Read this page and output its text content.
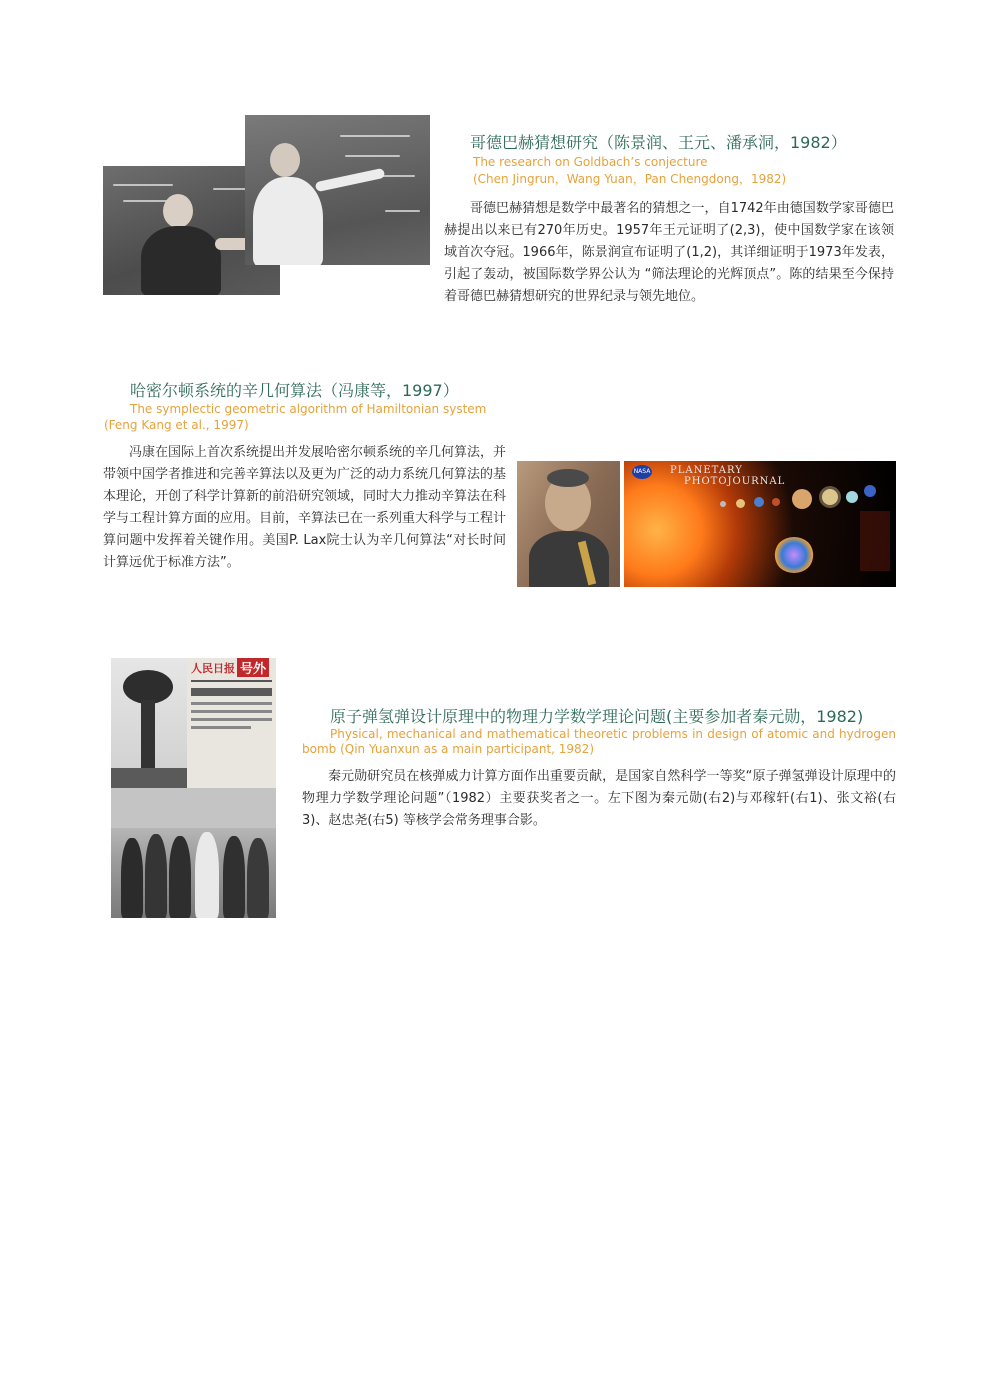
哥德巴赫猜想研究（陈景润、王元、潘承洞，1982）
The research on Goldbach’s conjecture
(Chen Jingrun，Wang Yuan，Pan Chengdong，1982)
哥德巴赫猜想是数学中最著名的猜想之一，自1742年由德国数学家哥德巴赫提出以来已有270年历史。1957年王元证明了(2,3)，使中国数学家在该领域首次夺冠。1966年，陈景润宣布证明了(1,2)，其详细证明于1973年发表，引起了轰动，被国际数学界公认为 “筛法理论的光辉顶点”。陈的结果至今保持着哥德巴赫猜想研究的世界纪录与领先地位。
哈密尔顿系统的辛几何算法（冯康等，1997）
The symplectic geometric algorithm of Hamiltonian system
(Feng Kang et al., 1997)
冯康在国际上首次系统提出并发展哈密尔顿系统的辛几何算法，并带领中国学者推进和完善辛算法以及更为广泛的动力系统几何算法的基本理论，开创了科学计算新的前沿研究领域，同时大力推动辛算法在科学与工程计算方面的应用。目前，辛算法已在一系列重大科学与工程计算问题中发挥着关键作用。美国P. Lax院士认为辛几何算法“对长时间计算远优于标准方法”。
NASA PLANETARY
PHOTOJOURNAL
人民日报 号外
原子弹氢弹设计原理中的物理力学数学理论问题(主要参加者秦元勋，1982)
Physical, mechanical and mathematical theoretic problems in design of atomic and hydrogen bomb (Qin Yuanxun as a main participant, 1982)
秦元勋研究员在核弹威力计算方面作出重要贡献，是国家自然科学一等奖“原子弹氢弹设计原理中的物理力学数学理论问题”（1982）主要获奖者之一。左下图为秦元勋(右2)与邓稼轩(右1)、张文裕(右3)、赵忠尧(右5) 等核学会常务理事合影。
